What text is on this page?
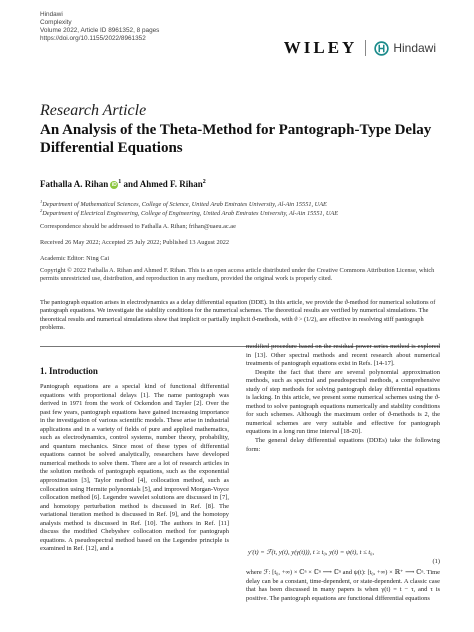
Hindawi
Complexity
Volume 2022, Article ID 8961352, 8 pages
https://doi.org/10.1155/2022/8961352	WILEY	Hindawi
Research Article
An Analysis of the Theta-Method for Pantograph-Type Delay Differential Equations
Fathalla A. Rihan iD $^1$ and Ahmed F. Rihan$^2$
$^1$Department of Mathematical Sciences, College of Science, United Arab Emirates University, Al-Ain 15551, UAE
$^2$Department of Electrical Engineering, College of Engineering, United Arab Emirates University, Al-Ain 15551, UAE
Correspondence should be addressed to Fathalla A. Rihan; frihan@uaeu.ac.ae
Received 26 May 2022; Accepted 25 July 2022; Published 13 August 2022
Academic Editor: Ning Cai
Copyright © 2022 Fathalla A. Rihan and Ahmed F. Rihan. This is an open access article distributed under the Creative Commons Attribution License, which permits unrestricted use, distribution, and reproduction in any medium, provided the original work is properly cited.
The pantograph equation arises in electrodynamics as a delay differential equation (DDE). In this article, we provide the ϑ-method for numerical solutions of pantograph equations. We investigate the stability conditions for the numerical schemes. The theoretical results are verified by numerical simulations. The theoretical results and numerical simulations show that implicit or partially implicit ϑ-methods, with ϑ > (1/2), are effective in resolving stiff pantograph problems.
1. Introduction

Pantograph equations are a special kind of functional differential equations with proportional delays [1]. The name pantograph was derived in 1971 from the work of Ockendon and Tayler [2]. Over the past few years, pantograph equations have gained increasing importance in the investigation of various scientific models. These arise in industrial applications and in a variety of fields of pure and applied mathematics, such as electrodynamics, control systems, number theory, probability, and quantum mechanics. Since most of these types of differential equations cannot be solved analytically, researchers have developed numerical methods to solve them. There are a lot of research articles in the solution methods of pantograph equations, such as the exponential approximation [3], Taylor method [4], collocation method, such as collocation using Hermite polynomials [5], and improved Morgan-Voyce collocation method [6]. Legendre wavelet solutions are discussed in [7], and homotopy perturbation method is discussed in Ref. [8]. The variational iteration method is discussed in Ref. [9], and the homotopy analysis method is discussed in Ref. [10]. The authors in Ref. [11] discuss the modified Chebyshev collocation method for pantograph equations. A pseudospectral method based on the Legendre principle is examined in Ref. [12], and a

modified procedure based on the residual power series method is explored in [13]. Other spectral methods and recent research about numerical treatments of pantograph equations exist in Refs. [14-17].

Despite the fact that there are several polynomial approximation methods, such as spectral and pseudospectral methods, a comprehensive study of step methods for solving pantograph delay differential equations is lacking. In this article, we present some numerical schemes using the ϑ-method to solve pantograph equations numerically and stability conditions for such schemes. Although the maximum order of ϑ-methods is 2, the numerical schemes are very suitable and effective for pantograph equations in a long run time interval [18-20].

The general delay differential equations (DDEs) take the following form:

y′(t) = ℱ(t, y(t), y(γ(t))), t ≥ t₀, y(t) = ψ(t), t ≤ t₀,
(1)

where ℱ: [t₀, +∞) × ℂⁿ × ℂⁿ ⟶ ℂⁿ and ψ(t): [t₀, +∞) × ℝ⁺ ⟶ ℂⁿ. Time delay can be a constant, time-dependent, or state-dependent. A classic case that has been discussed in many papers is when γ(t) = t − τ, and τ is positive. The pantograph equations are functional differential equations
